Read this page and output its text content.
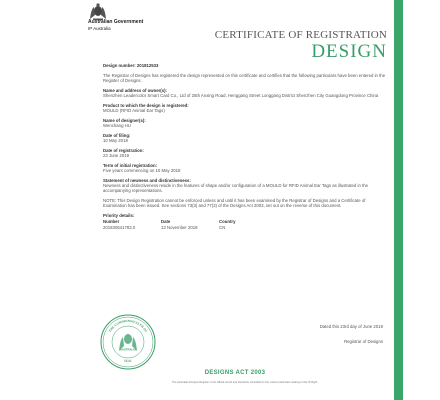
Australian Government
IP Australia
CERTIFICATE OF REGISTRATION
DESIGN
Design number: 201812533
The Registrar of Designs has registered the design represented on this certificate and certifies that the following particulars have been entered in the Register of Designs.
Name and address of owner(s):
Shenzhen Leadercolor Smart Card Co., Ltd of 25th Anxing Road, Henggang Street Longgang District Shenzhen City Guangdong Province China
Product to which the design is registered:
MOULD (RFID Animal Ear Tags)
Name of designer(s):
Wenchang HU
Date of filing:
10 May 2018
Date of registration:
23 June 2019
Term of initial registration:
Five years commencing on 10 May 2018
Statement of newness and distinctiveness:
Newness and distinctiveness reside in the features of shape and/or configuration of a MOULD for RFID Animal Ear Tags as illustrated in the accompanying representations.
NOTE: This Design Registration cannot be enforced unless and until it has been examined by the Registrar of Designs and a Certificate of Examination has been issued. See sections 73(3) and 77(3) of the Designs Act 2003, set out on the reverse of this document.
Priority details:
Number	Date	Country
201830641783.0	13 November 2018	CN
Dated this 23rd day of June 2019
Registrar of Designs
THE COMMONWEALTH OF
SEAL
AUSTRALIA
DESIGNS ACT 2003
The Australian Designs Register is the official record and should be consulted for the current particulars relating to this IP Right.
